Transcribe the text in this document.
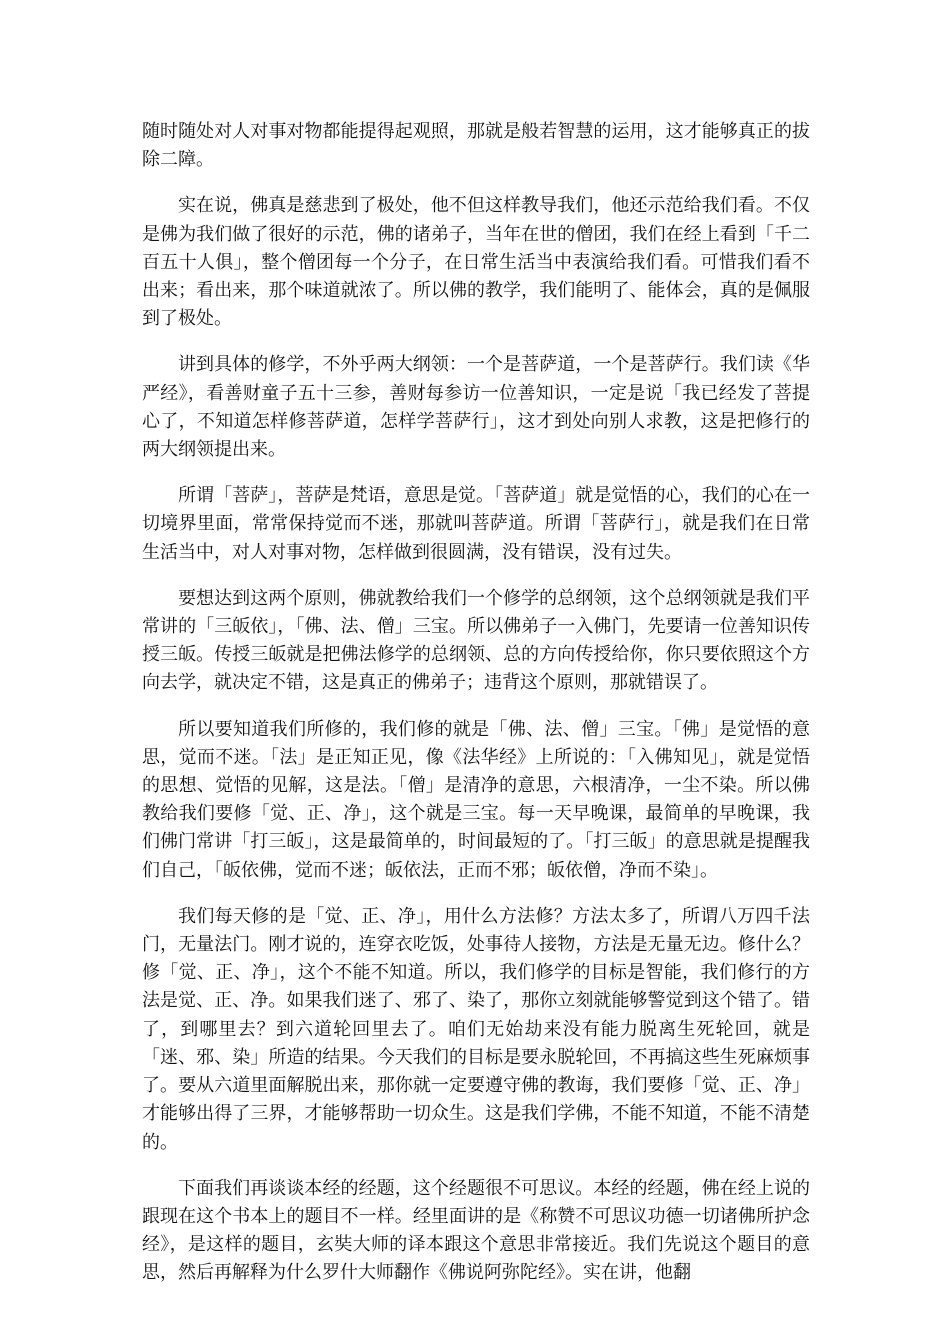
随时随处对人对事对物都能提得起观照，那就是般若智慧的运用，这才能够真正的拔除二障。

实在说，佛真是慈悲到了极处，他不但这样教导我们，他还示范给我们看。不仅是佛为我们做了很好的示范，佛的诸弟子，当年在世的僧团，我们在经上看到「千二百五十人俱」，整个僧团每一个分子，在日常生活当中表演给我们看。可惜我们看不出来；看出来，那个味道就浓了。所以佛的教学，我们能明了、能体会，真的是佩服到了极处。

讲到具体的修学，不外乎两大纲领：一个是菩萨道，一个是菩萨行。我们读《华严经》，看善财童子五十三参，善财每参访一位善知识，一定是说「我已经发了菩提心了，不知道怎样修菩萨道，怎样学菩萨行」，这才到处向别人求教，这是把修行的两大纲领提出来。

所谓「菩萨」，菩萨是梵语，意思是觉。「菩萨道」就是觉悟的心，我们的心在一切境界里面，常常保持觉而不迷，那就叫菩萨道。所谓「菩萨行」，就是我们在日常生活当中，对人对事对物，怎样做到很圆满，没有错误，没有过失。

要想达到这两个原则，佛就教给我们一个修学的总纲领，这个总纲领就是我们平常讲的「三皈依」，「佛、法、僧」三宝。所以佛弟子一入佛门，先要请一位善知识传授三皈。传授三皈就是把佛法修学的总纲领、总的方向传授给你，你只要依照这个方向去学，就决定不错，这是真正的佛弟子；违背这个原则，那就错误了。

所以要知道我们所修的，我们修的就是「佛、法、僧」三宝。「佛」是觉悟的意思，觉而不迷。「法」是正知正见，像《法华经》上所说的：「入佛知见」，就是觉悟的思想、觉悟的见解，这是法。「僧」是清净的意思，六根清净，一尘不染。所以佛教给我们要修「觉、正、净」，这个就是三宝。每一天早晚课，最简单的早晚课，我们佛门常讲「打三皈」，这是最简单的，时间最短的了。「打三皈」的意思就是提醒我们自己，「皈依佛，觉而不迷；皈依法，正而不邪；皈依僧，净而不染」。

我们每天修的是「觉、正、净」，用什么方法修？方法太多了，所谓八万四千法门，无量法门。刚才说的，连穿衣吃饭，处事待人接物，方法是无量无边。修什么？修「觉、正、净」，这个不能不知道。所以，我们修学的目标是智能，我们修行的方法是觉、正、净。如果我们迷了、邪了、染了，那你立刻就能够警觉到这个错了。错了，到哪里去？到六道轮回里去了。咱们无始劫来没有能力脱离生死轮回，就是「迷、邪、染」所造的结果。今天我们的目标是要永脱轮回，不再搞这些生死麻烦事了。要从六道里面解脱出来，那你就一定要遵守佛的教诲，我们要修「觉、正、净」才能够出得了三界，才能够帮助一切众生。这是我们学佛，不能不知道，不能不清楚的。

下面我们再谈谈本经的经题，这个经题很不可思议。本经的经题，佛在经上说的跟现在这个书本上的题目不一样。经里面讲的是《称赞不可思议功德一切诸佛所护念经》，是这样的题目，玄奘大师的译本跟这个意思非常接近。我们先说这个题目的意思，然后再解释为什么罗什大师翻作《佛说阿弥陀经》。实在讲，他翻
